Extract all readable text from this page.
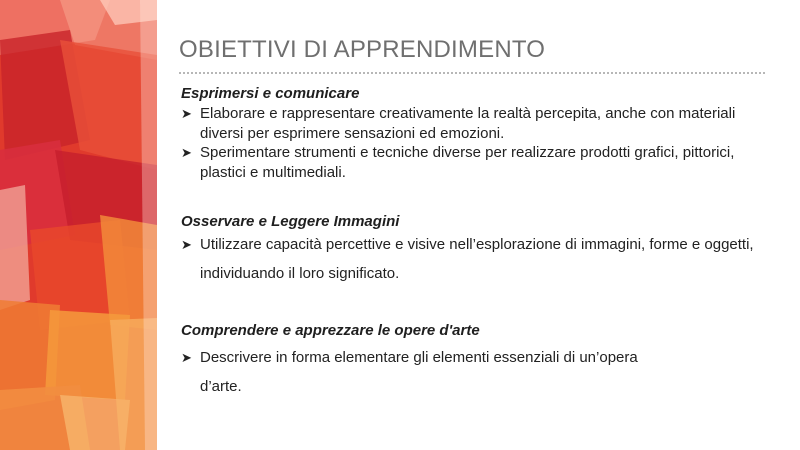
OBIETTIVI DI APPRENDIMENTO
Esprimersi e comunicare
➤ Elaborare e rappresentare creativamente la realtà percepita, anche con materiali diversi per esprimere sensazioni ed emozioni.
➤ Sperimentare strumenti e tecniche diverse per realizzare prodotti grafici, pittorici, plastici e multimediali.
Osservare e Leggere Immagini
➤ Utilizzare capacità percettive e visive nell’esplorazione di immagini, forme e oggetti, individuando il loro significato.
Comprendere e apprezzare le opere d'arte
➤ Descrivere in forma elementare gli elementi essenziali di un’opera d’arte.
